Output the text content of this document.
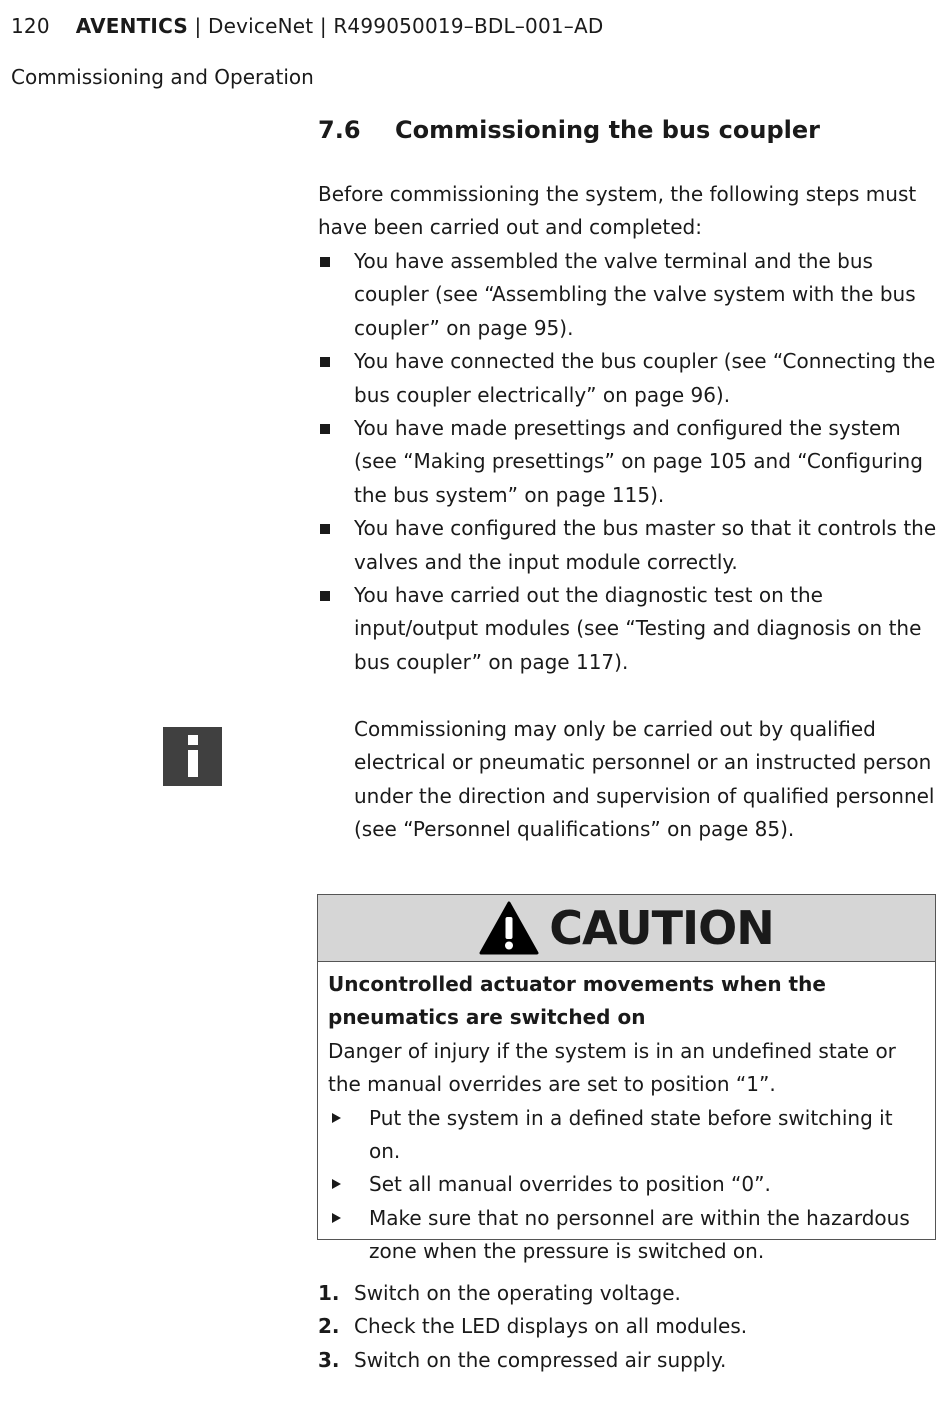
120 AVENTICS | DeviceNet | R499050019–BDL–001–AD
Commissioning and Operation
7.6 Commissioning the bus coupler
Before commissioning the system, the following steps must have been carried out and completed:
You have assembled the valve terminal and the bus coupler (see “Assembling the valve system with the bus coupler” on page 95).
You have connected the bus coupler (see “Connecting the bus coupler electrically” on page 96).
You have made presettings and configured the system (see “Making presettings” on page 105 and “Configuring the bus system” on page 115).
You have configured the bus master so that it controls the valves and the input module correctly.
You have carried out the diagnostic test on the input/output modules (see “Testing and diagnosis on the bus coupler” on page 117).
Commissioning may only be carried out by qualified electrical or pneumatic personnel or an instructed person under the direction and supervision of qualified personnel (see “Personnel qualifications” on page 85).
CAUTION
Uncontrolled actuator movements when the pneumatics are switched on
Danger of injury if the system is in an undefined state or the manual overrides are set to position “1”.
Put the system in a defined state before switching it on.
Set all manual overrides to position “0”.
Make sure that no personnel are within the hazardous zone when the pressure is switched on.
1. Switch on the operating voltage.
2. Check the LED displays on all modules.
3. Switch on the compressed air supply.
